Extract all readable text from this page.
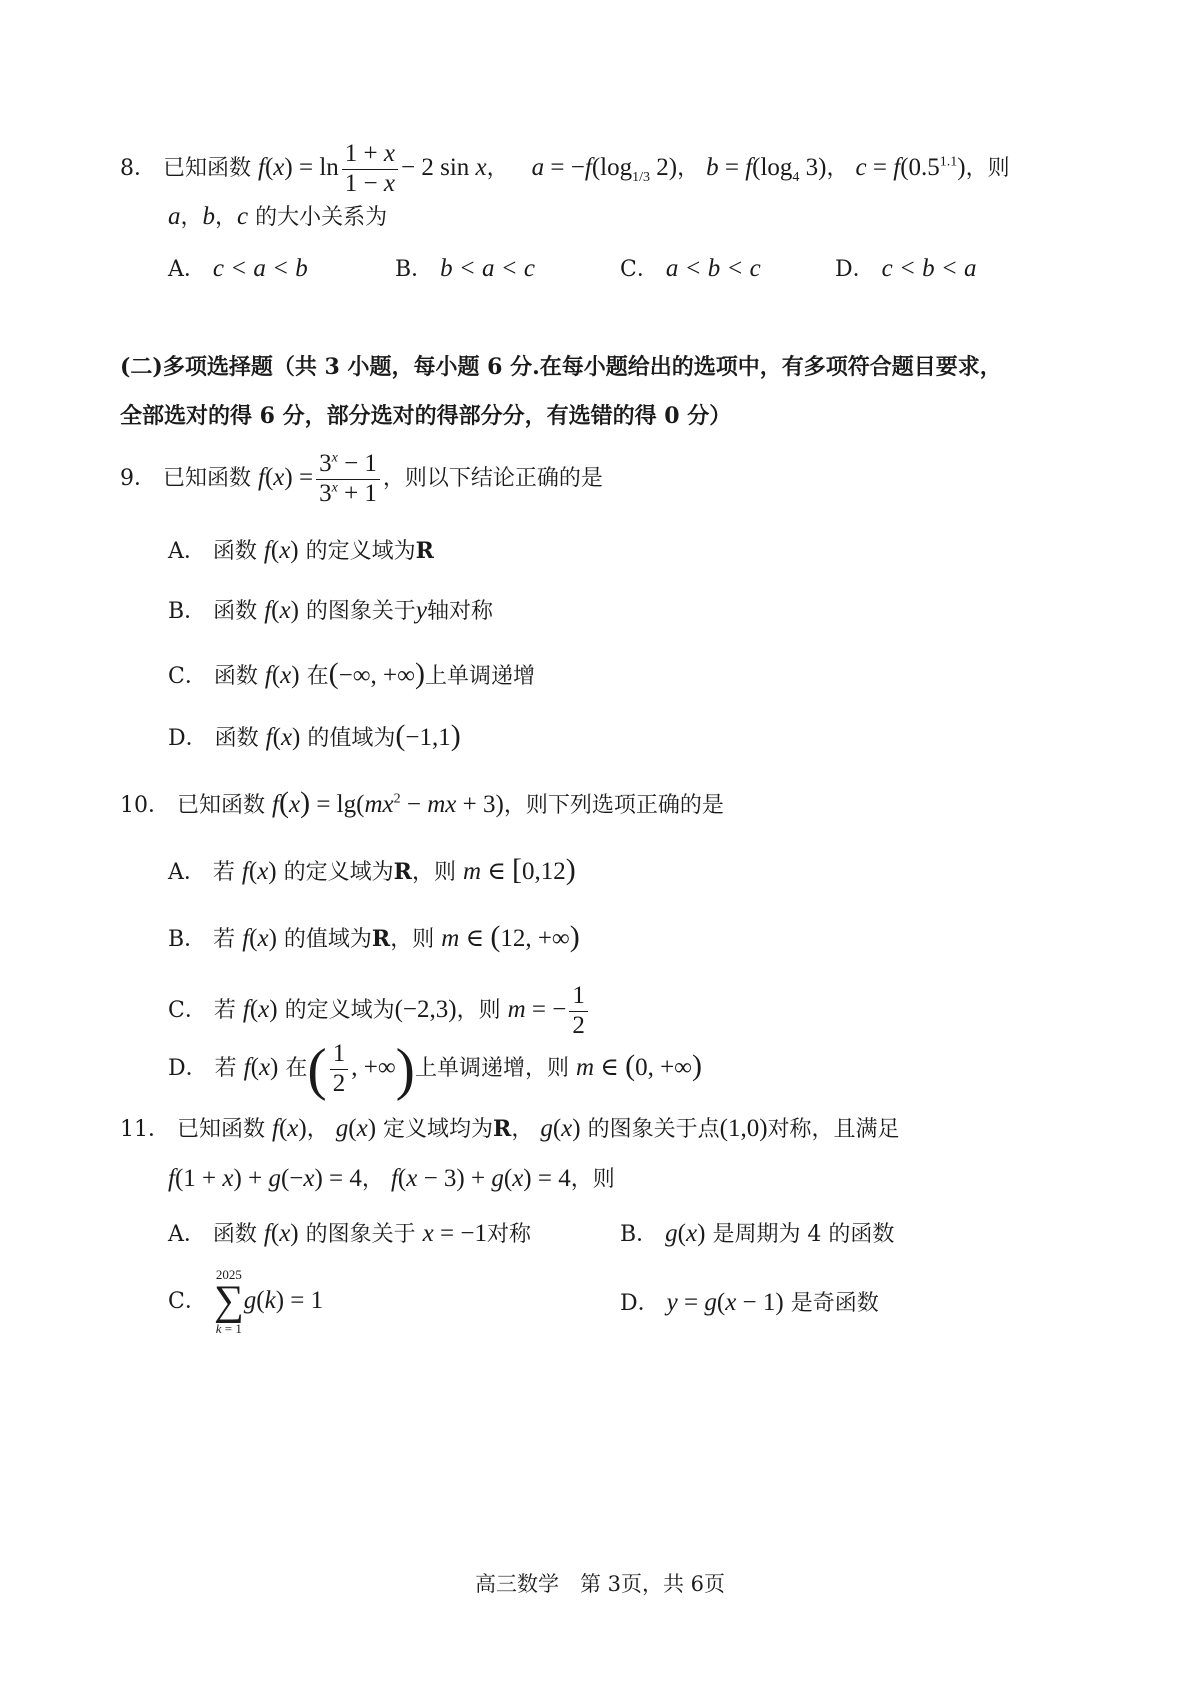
8． 已知函数 $f(x) = \ln \frac{1 + x}{1 - x} - 2$ sin x， $a = -f(\log_{1/3}$ 2)， $b = f(\log_4$ 3)， $c = f(0.5^{1.1})$，则
a，b，c 的大小关系为
A． c < a < b	B． b < a < c	C． a < b < c	D． c < b < a
(二)多项选择题（共 3 小题，每小题 6 分.在每小题给出的选项中，有多项符合题目要求，
全部选对的得 6 分，部分选对的得部分分，有选错的得 0 分）
9． 已知函数 $f(x) = \frac{3^x - 1}{3^x + 1}$ ，则以下结论正确的是
A． 函数 f(x) 的定义域为R
B． 函数 f(x) 的图象关于y轴对称
C． 函数 f(x) 在(−∞, +∞)上单调递增
D． 函数 f(x) 的值域为(−1,1)
10． 已知函数 $f(x) = \lg(mx^2$ − mx + 3)，则下列选项正确的是
A． 若 f(x) 的定义域为R，则 m ∈ [0,12)
B． 若 f(x) 的值域为R，则 m ∈ (12, +∞)
C． 若 f(x) 的定义域为(−2,3)，则 m = − $\frac{1}{2}$
D． 若 f(x) 在( $\frac{1}{2}$ , +∞)上单调递增，则 m ∈ (0, +∞)
11． 已知函数 f(x)， g(x) 定义域均为R， g(x) 的图象关于点(1,0)对称，且满足
f(1 + x) + g(−x) = 4， f(x − 3) + g(x) = 4，则
A． 函数 f(x) 的图象关于 x = −1对称	B． g(x) 是周期为 4 的函数
C．
2025
∑
k = 1
g(k) = 1	D． y = g(x − 1) 是奇函数
高三数学　第 3页，共 6页
